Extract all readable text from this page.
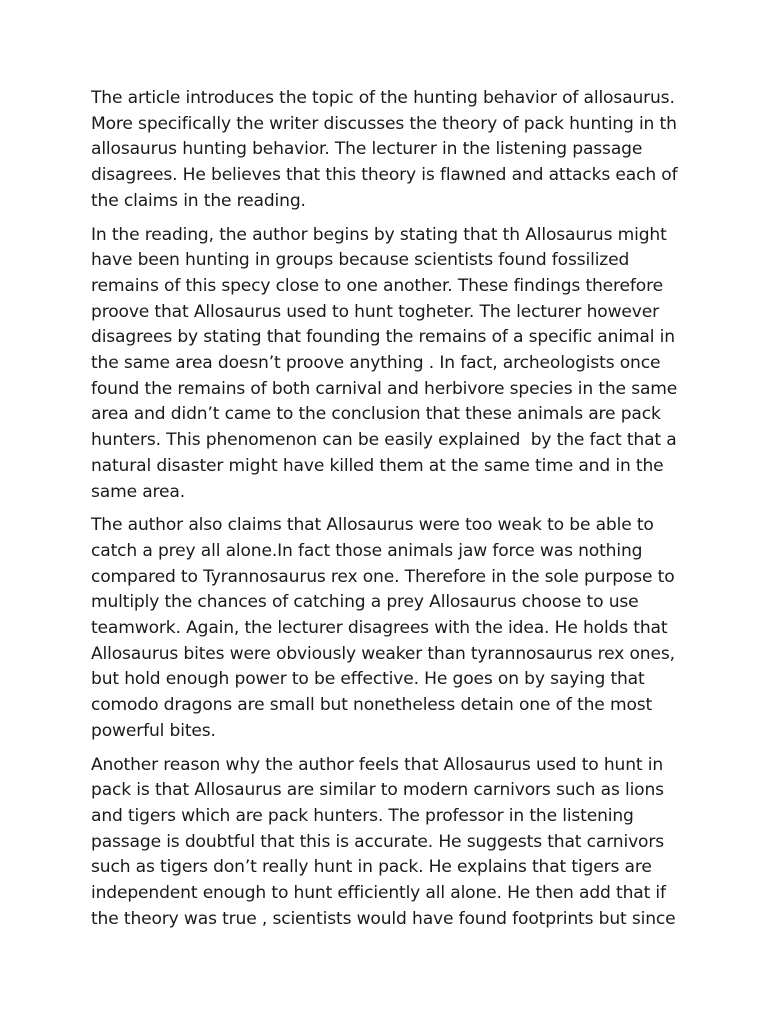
The article introduces the topic of the hunting behavior of allosaurus.
More specifically the writer discusses the theory of pack hunting in th
allosaurus hunting behavior. The lecturer in the listening passage
disagrees. He believes that this theory is flawned and attacks each of
the claims in the reading.

In the reading, the author begins by stating that th Allosaurus might
have been hunting in groups because scientists found fossilized
remains of this specy close to one another. These findings therefore
proove that Allosaurus used to hunt togheter. The lecturer however
disagrees by stating that founding the remains of a specific animal in
the same area doesn’t proove anything . In fact, archeologists once
found the remains of both carnival and herbivore species in the same
area and didn’t came to the conclusion that these animals are pack
hunters. This phenomenon can be easily explained  by the fact that a
natural disaster might have killed them at the same time and in the
same area.

The author also claims that Allosaurus were too weak to be able to
catch a prey all alone.In fact those animals jaw force was nothing
compared to Tyrannosaurus rex one. Therefore in the sole purpose to
multiply the chances of catching a prey Allosaurus choose to use
teamwork. Again, the lecturer disagrees with the idea. He holds that
Allosaurus bites were obviously weaker than tyrannosaurus rex ones,
but hold enough power to be effective. He goes on by saying that
comodo dragons are small but nonetheless detain one of the most
powerful bites.

Another reason why the author feels that Allosaurus used to hunt in
pack is that Allosaurus are similar to modern carnivors such as lions
and tigers which are pack hunters. The professor in the listening
passage is doubtful that this is accurate. He suggests that carnivors
such as tigers don’t really hunt in pack. He explains that tigers are
independent enough to hunt efficiently all alone. He then add that if
the theory was true , scientists would have found footprints but since
